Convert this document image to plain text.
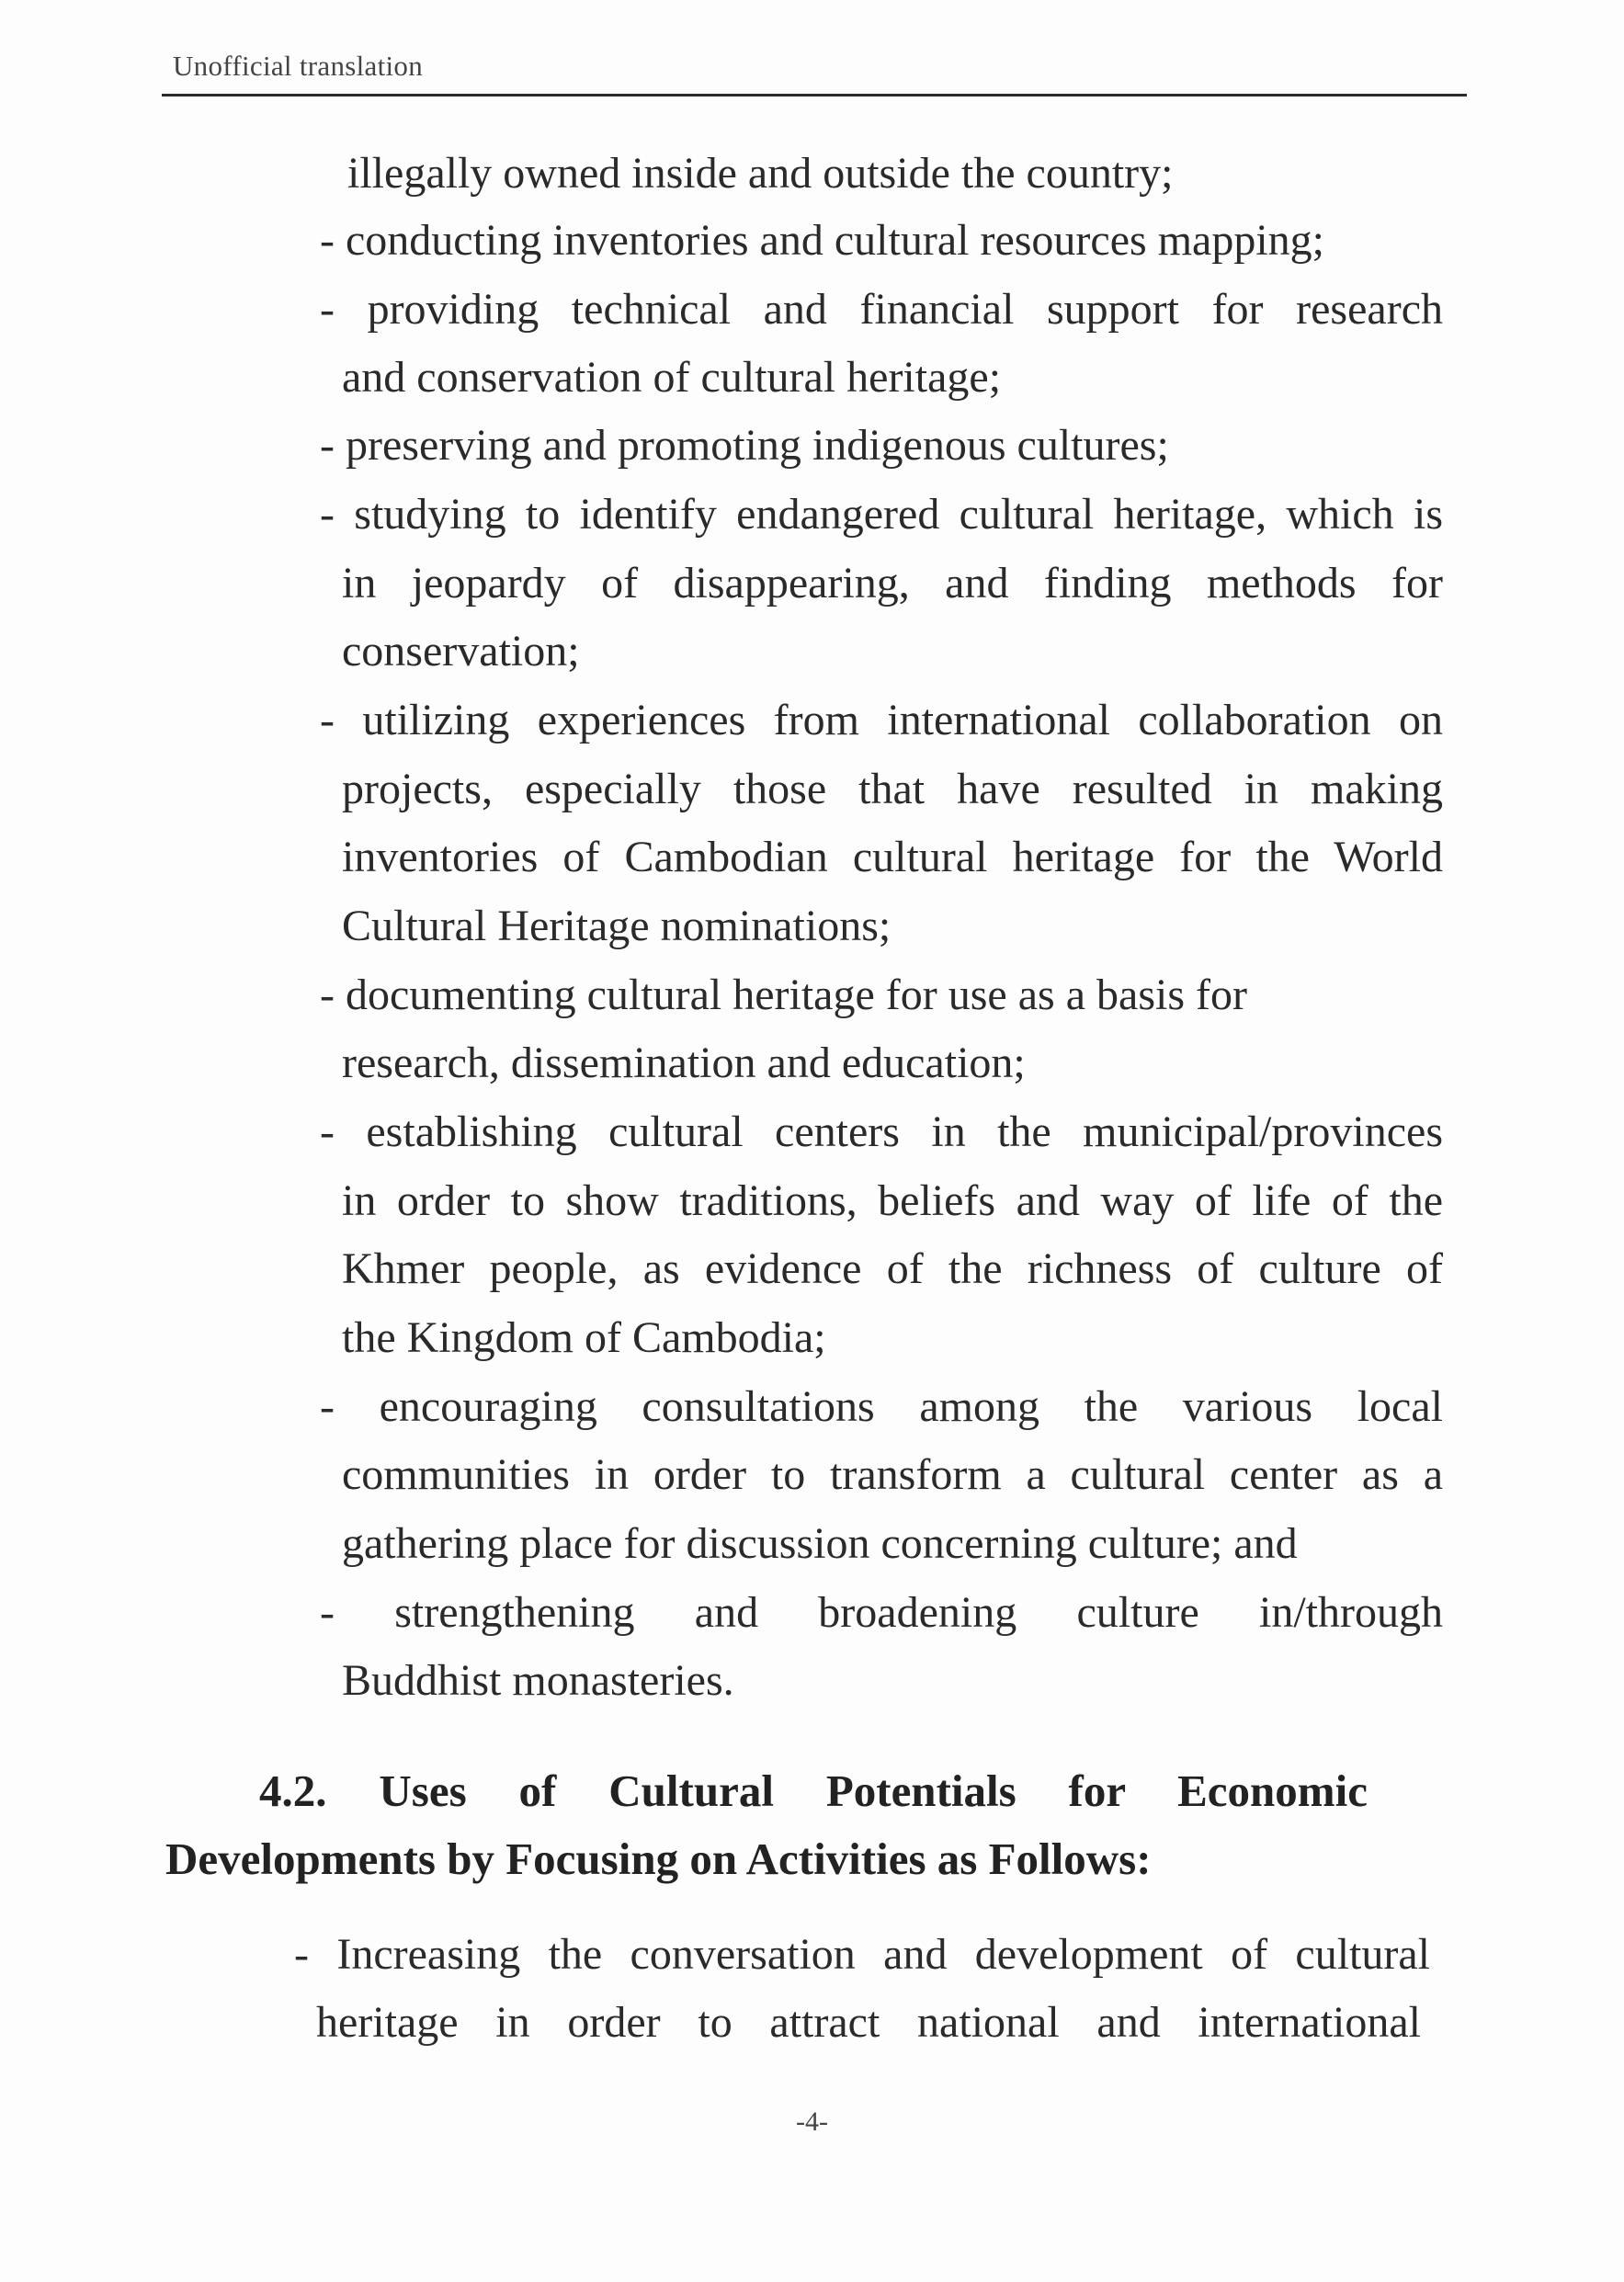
Unofficial translation
illegally owned inside and outside the country;
- conducting inventories and cultural resources mapping;
- providing technical and financial support for research
and conservation of cultural heritage;
- preserving and promoting indigenous cultures;
- studying to identify endangered cultural heritage, which is
in jeopardy of disappearing, and finding methods for
conservation;
- utilizing experiences from international collaboration on
projects, especially those that have resulted in making
inventories of Cambodian cultural heritage for the World
Cultural Heritage nominations;
- documenting cultural heritage for use as a basis for
research, dissemination and education;
- establishing cultural centers in the municipal/provinces
in order to show traditions, beliefs and way of life of the
Khmer people, as evidence of the richness of culture of
the Kingdom of Cambodia;
- encouraging consultations among the various local
communities in order to transform a cultural center as a
gathering place for discussion concerning culture; and
- strengthening and broadening culture in/through
Buddhist monasteries.
4.2. Uses of Cultural Potentials for Economic
Developments by Focusing on Activities as Follows:
- Increasing the conversation and development of cultural
heritage in order to attract national and international
-4-
